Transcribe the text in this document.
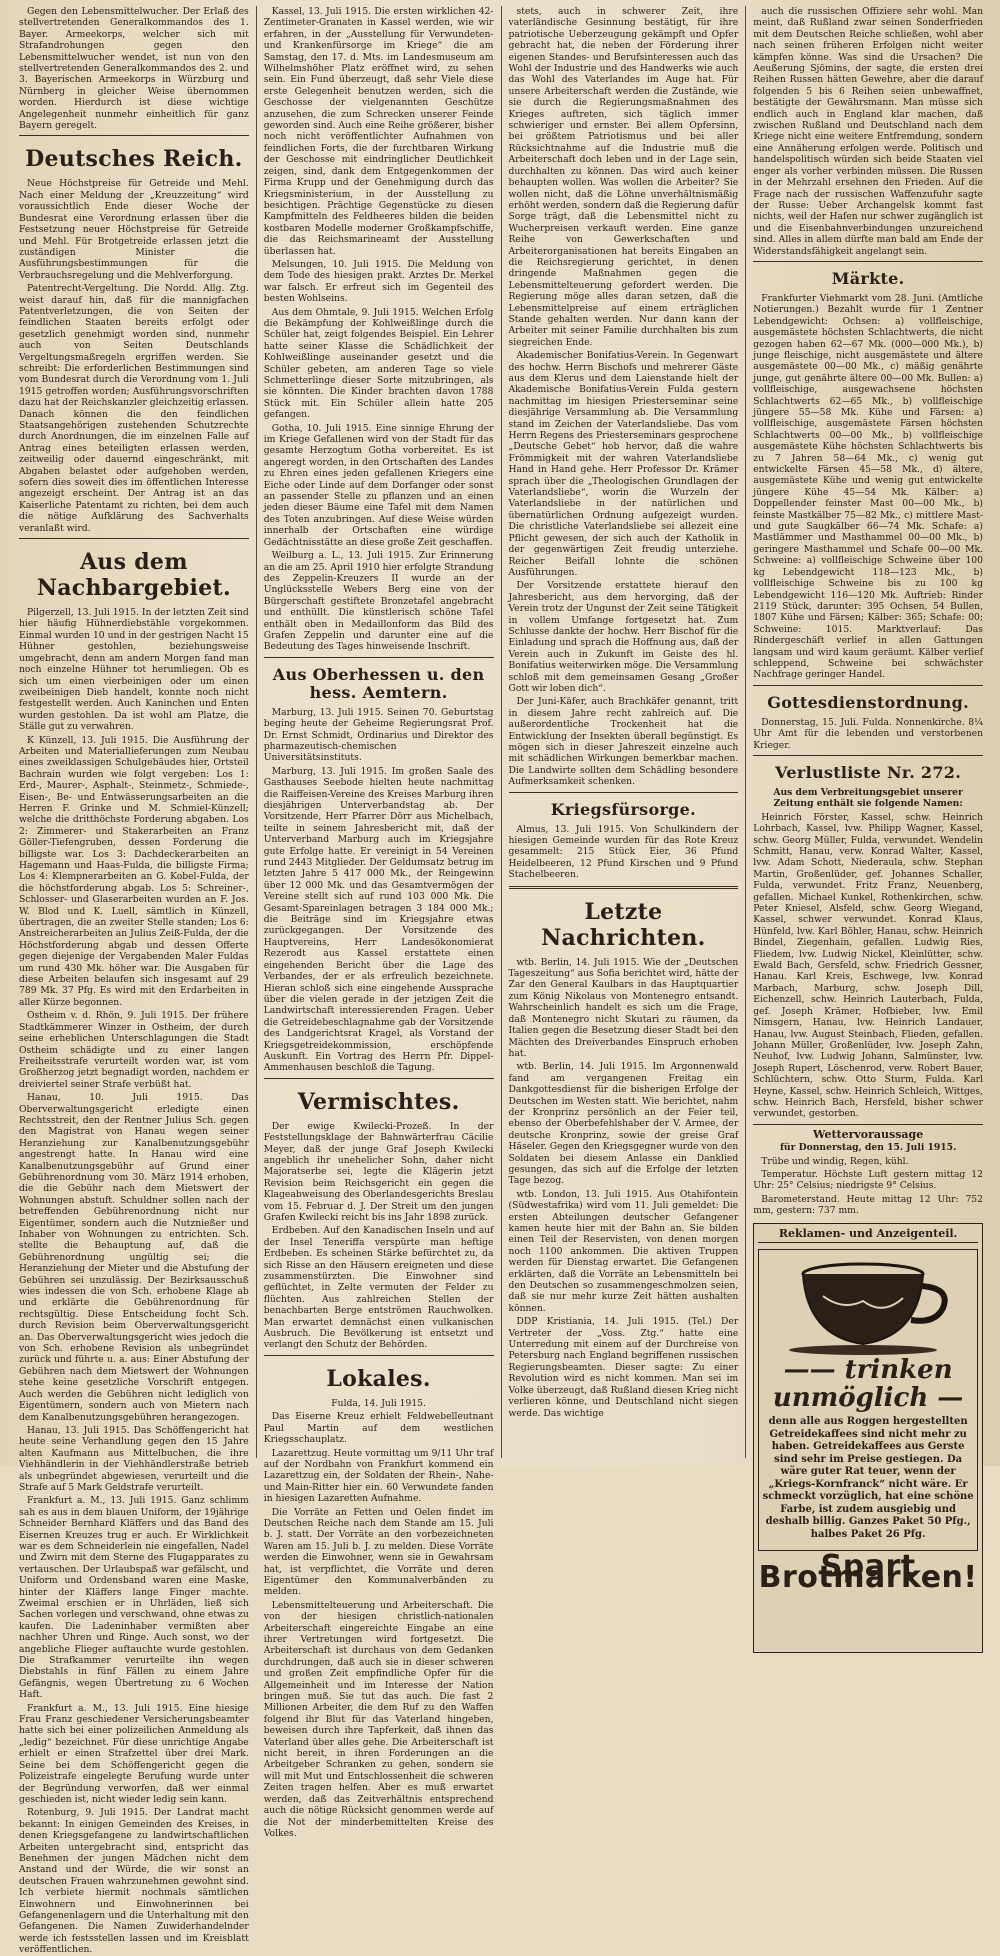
Gegen den Lebensmittelwucher. Der Erlaß des stellvertretenden Generalkommandos des 1. Bayer. Armeekorps, welcher sich mit Strafandrohungen gegen den Lebensmittelwucher wendet, ist nun von den stellvertretenden Generalkommandos des 2. und 3. Bayerischen Armeekorps in Würzburg und Nürnberg in gleicher Weise übernommen worden. Hierdurch ist diese wichtige Angelegenheit nunmehr einheitlich für ganz Bayern geregelt.

Deutsches Reich.

Neue Höchstpreise für Getreide und Mehl. Nach einer Meldung der „Kreuzzeitung“ wird voraussichtlich Ende dieser Woche der Bundesrat eine Verordnung erlassen über die Festsetzung neuer Höchstpreise für Getreide und Mehl. Für Brotgetreide erlassen jetzt die zuständigen Minister die Ausführungsbestimmungen für die Verbrauchsregelung und die Mehlverforgung.

Patentrecht-Vergeltung. Die Nordd. Allg. Ztg. weist darauf hin, daß für die mannigfachen Patentverletzungen, die von Seiten der feindlichen Staaten bereits erfolgt oder gesetzlich genehmigt worden sind, nunmehr auch von Seiten Deutschlands Vergeltungsmaßregeln ergriffen werden. Sie schreibt: Die erforderlichen Bestimmungen sind vom Bundesrat durch die Verordnung vom 1. Juli 1915 getroffen worden; Ausführungsvorschriften dazu hat der Reichskanzler gleichzeitig erlassen. Danach können die den feindlichen Staatsangehörigen zustehenden Schutzrechte durch Anordnungen, die im einzelnen Falle auf Antrag eines beteiligten erlassen werden, zeitweilig oder dauernd eingeschränkt, mit Abgaben belastet oder aufgehoben werden, sofern dies soweit dies im öffentlichen Interesse angezeigt erscheint. Der Antrag ist an das Kaiserliche Patentamt zu richten, bei dem auch die nötige Aufklärung des Sachverhalts veranlaßt wird.

Aus dem Nachbargebiet.

Pilgerzell, 13. Juli 1915. In der letzten Zeit sind hier häufig Hühnerdiebstähle vorgekommen. Einmal wurden 10 und in der gestrigen Nacht 15 Hühner gestohlen, beziehungsweise umgebracht, denn am andern Morgen fand man noch einzelne Hühner tot herumliegen. Ob es sich um einen vierbeinigen oder um einen zweibeinigen Dieb handelt, konnte noch nicht festgestellt werden. Auch Kaninchen und Enten wurden gestohlen. Da ist wohl am Platze, die Ställe gut zu verwahren.

K Künzell, 13. Juli 1915. Die Ausführung der Arbeiten und Materiallieferungen zum Neubau eines zweiklassigen Schulgebäudes hier, Ortsteil Bachrain wurden wie folgt vergeben: Los 1: Erd-, Maurer-, Asphalt-, Steinmetz-, Schmiede-, Eisen-, Be- und Entwässerungsarbeiten an die Herren F. Grinke und M. Schmiel-Künzell; welche die dritthöchste Forderung abgaben. Los 2: Zimmerer- und Stakerarbeiten an Franz Göller-Tiefengruben, dessen Forderung die billigste war. Los 3: Dachdeckerarbeiten an Hagemann und Haas-Fulda, die billigste Firma; Los 4: Klempnerarbeiten an G. Kobel-Fulda, der die höchstforderung abgab. Los 5: Schreiner-, Schlosser- und Glaserarbeiten wurden an F. Jos. W. Blod und K. Luell, sämtlich in Künzell, übertragen, die an zweiter Stelle standen; Los 6: Anstreicherarbeiten an Julius Zeiß-Fulda, der die Höchstforderung abgab und dessen Offerte gegen diejenige der Vergabenden Maler Fuldas um rund 430 Mk. höher war. Die Ausgaben für diese Arbeiten belaufen sich insgesamt auf 29 789 Mk. 37 Pfg. Es wird mit den Erdarbeiten in aller Kürze begonnen.

Ostheim v. d. Rhön, 9. Juli 1915. Der frühere Stadtkämmerer Winzer in Ostheim, der durch seine erheblichen Unterschlagungen die Stadt Ostheim schädigte und zu einer langen Freiheitsstrafe verurteilt worden war, ist vom Großherzog jetzt begnadigt worden, nachdem er dreiviertel seiner Strafe verbüßt hat.

Hanau, 10. Juli 1915. Das Oberverwaltungsgericht erledigte einen Rechtsstreit, den der Rentner Julius Sch. gegen den Magistrat von Hanau wegen seiner Heranziehung zur Kanalbenutzungsgebühr angestrengt hatte. In Hanau wird eine Kanalbenutzungsgebühr auf Grund einer Gebührenordnung vom 30. März 1914 erhoben, die die Gebühr nach dem Mietswert der Wohnungen abstuft. Schuldner sollen nach der betreffenden Gebührenordnung nicht nur Eigentümer, sondern auch die Nutznießer und Inhaber von Wohnungen zu entrichten. Sch. stellte die Behauptung auf, daß die Gebührenordnung ungültig sei; die Heranziehung der Mieter und die Abstufung der Gebühren sei unzulässig. Der Bezirksausschuß wies indessen die von Sch. erhobene Klage ab und erklärte die Gebührenordnung für rechtsgültig. Diese Entscheidung focht Sch. durch Revision beim Oberverwaltungsgericht an. Das Oberverwaltungsgericht wies jedoch die von Sch. erhobene Revision als unbegründet zurück und führte u. a. aus: Einer Abstufung der Gebühren nach dem Mietswert der Wohnungen stehe keine gesetzliche Vorschrift entgegen. Auch werden die Gebühren nicht lediglich von Eigentümern, sondern auch von Mietern nach dem Kanalbenutzungsgebühren herangezogen.

Hanau, 13. Juli 1915. Das Schöffengericht hat heute seine Verhandlung gegen den 15 Jahre alten Kaufmann aus Mittelbuchen, die ihre Viehhändlerin in der Viehhändlerstraße betrieb als unbegründet abgewiesen, verurteilt und die Strafe auf 5 Mark Geldstrafe verurteilt.

Frankfurt a. M., 13. Juli 1915. Ganz schlimm sah es aus in dem blauen Uniform, der 19jährige Schneider Bernhard Kläffers und das Band des Eisernen Kreuzes trug er auch. Er Wirklichkeit war es dem Schneiderlein nie eingefallen, Nadel und Zwirn mit dem Sterne des Flugapparates zu vertauschen. Der Urlaubspaß war gefälscht, und Uniform und Ordensband waren eine Maske, hinter der Kläffers lange Finger machte. Zweimal erschien er in Uhrläden, ließ sich Sachen vorlegen und verschwand, ohne etwas zu kaufen. Die Ladeninhaber vermißten aber nachher Uhren und Ringe. Auch sonst, wo der angebliche Flieger auftauchte wurde gestohlen. Die Strafkammer verurteilte ihn wegen Diebstahls in fünf Fällen zu einem Jahre Gefängnis, wegen Übertretung zu 6 Wochen Haft.

Frankfurt a. M., 13. Juli 1915. Eine hiesige Frau Franz geschiedener Versicherungsbeamter hatte sich bei einer polizeilichen Anmeldung als „ledig“ bezeichnet. Für diese unrichtige Angabe erhielt er einen Strafzettel über drei Mark. Seine bei dem Schöffengericht gegen die Polizeistrafe eingelegte Berufung wurde unter der Begründung verworfen, daß wer einmal geschieden ist, nicht wieder ledig sein kann.

Rotenburg, 9. Juli 1915. Der Landrat macht bekannt: In einigen Gemeinden des Kreises, in denen Kriegsgefangene zu landwirtschaftlichen Arbeiten untergebracht sind, entspricht das Benehmen der jungen Mädchen nicht dem Anstand und der Würde, die wir sonst an deutschen Frauen wahrzunehmen gewohnt sind. Ich verbiete hiermit nochmals sämtlichen Einwohnern und Einwohnerinnen bei Gefangenenlagern und die Unterhaltung mit den Gefangenen. Die Namen Zuwiderhandelnder werde ich festsstellen lassen und im Kreisblatt veröffentlichen.

Kassel, 13. Juli 1915. Die ersten wirklichen 42-Zentimeter-Granaten in Kassel werden, wie wir erfahren, in der „Ausstellung für Verwundeten- und Krankenfürsorge im Kriege“ die am Samstag, den 17. d. Mts. im Landesmuseum am Wilhelmshöher Platz eröffnet wird, zu sehen sein. Ein Fund überzeugt, daß sehr Viele diese erste Gelegenheit benutzen werden, sich die Geschosse der vielgenannten Geschütze anzusehen, die zum Schrecken unserer Feinde geworden sind. Auch eine Reihe größerer, bisher noch nicht veröffentlichter Aufnahmen von feindlichen Forts, die der furchtbaren Wirkung der Geschosse mit eindringlicher Deutlichkeit zeigen, sind, dank dem Entgegenkommen der Firma Krupp und der Genehmigung durch das Kriegsministerium, in der Ausstellung zu besichtigen. Prächtige Gegenstücke zu diesen Kampfmitteln des Feldheeres bilden die beiden kostbaren Modelle moderner Großkampfschiffe, die das Reichsmarineamt der Ausstellung überlassen hat.

Melsungen, 10. Juli 1915. Die Meldung von dem Tode des hiesigen prakt. Arztes Dr. Merkel war falsch. Er erfreut sich im Gegenteil des besten Wohlseins.

Aus dem Ohmtale, 9. Juli 1915. Welchen Erfolg die Bekämpfung der Kohlweißlinge durch die Schüler hat, zeigt folgendes Beispiel. Ein Lehrer hatte seiner Klasse die Schädlichkeit der Kohlweißlinge auseinander gesetzt und die Schüler gebeten, am anderen Tage so viele Schmetterlinge dieser Sorte mitzubringen, als sie könnten. Die Kinder brachten davon 1788 Stück mit. Ein Schüler allein hatte 205 gefangen.

Gotha, 10. Juli 1915. Eine sinnige Ehrung der im Kriege Gefallenen wird von der Stadt für das gesamte Herzogtum Gotha vorbereitet. Es ist angeregt worden, in den Ortschaften des Landes zu Ehren eines jeden gefallenen Kriegers eine Eiche oder Linde auf dem Dorfanger oder sonst an passender Stelle zu pflanzen und an einen jeden dieser Bäume eine Tafel mit dem Namen des Toten anzubringen. Auf diese Weise würden innerhalb der Ortschaften eine würdige Gedächtnisstätte an diese große Zeit geschaffen.

Weilburg a. L., 13. Juli 1915. Zur Erinnerung an die am 25. April 1910 hier erfolgte Strandung des Zeppelin-Kreuzers II wurde an der Unglücksstelle Webers Berg eine von der Bürgerschaft gestiftete Bronzetafel angebracht und enthüllt. Die künstlerisch schöne Tafel enthält oben in Medaillonform das Bild des Grafen Zeppelin und darunter eine auf die Bedeutung des Tages hinweisende Inschrift.

Aus Oberhessen u. den hess. Aemtern.

Marburg, 13. Juli 1915. Seinen 70. Geburtstag beging heute der Geheime Regierungsrat Prof. Dr. Ernst Schmidt, Ordinarius und Direktor des pharmazeutisch-chemischen Universitätsinstituts.

Marburg, 13. Juli 1915. Im großen Saale des Gasthauses Seebode hielten heute nachmittag die Raiffeisen-Vereine des Kreises Marburg ihren diesjährigen Unterverbandstag ab. Der Vorsitzende, Herr Pfarrer Dörr aus Michelbach, teilte in seinem Jahresbericht mit, daß der Unterverband Marburg auch im Kriegsjahre gute Erfolge hatte. Er vereinigt in 54 Vereinen rund 2443 Mitglieder. Der Geldumsatz betrug im letzten Jahre 5 417 000 Mk., der Reingewinn über 12 000 Mk. und das Gesamtvermögen der Vereine stellt sich auf rund 103 000 Mk. Die Gesamt-Spareinlagen betragen 3 184 000 Mk.; die Beiträge sind im Kriegsjahre etwas zurückgegangen. Der Vorsitzende des Hauptvereins, Herr Landesökonomierat Rezerodt aus Kassel erstattete einen eingehenden Bericht über die Lage des Verbandes, der er als erfreulich bezeichnete. Hieran schloß sich eine eingehende Aussprache über die vielen gerade in der jetzigen Zeit die Landwirtschaft interessierenden Fragen. Ueber die Getreidebeschlagnahme gab der Vorsitzende des Landgerichtsrat Kragel, als Vorstand der Kriegsgetreidekommission, erschöpfende Auskunft. Ein Vortrag des Herrn Pfr. Dippel-Ammenhausen beschloß die Tagung.

Vermischtes.

Der ewige Kwilecki-Prozeß. In der Feststellungsklage der Bahnwärterfrau Cäcilie Meyer, daß der junge Graf Joseph Kwilecki angeblich ihr unehelicher Sohn, daher nicht Majoratserbe sei, legte die Klägerin jetzt Revision beim Reichsgericht ein gegen die Klageabweisung des Oberlandesgerichts Breslau vom 15. Februar d. J. Der Streit um den jungen Grafen Kwilecki reicht bis ins Jahr 1898 zurück.

Erdbeben. Auf den Kanadischen Inseln und auf der Insel Teneriffa verspürte man heftige Erdbeben. Es scheinen Stärke befürchtet zu, da sich Risse an den Häusern ereigneten und diese zusammenstürzten. Die Einwohner sind geflüchtet, in Zelte vermuten der Felder zu flüchten. Aus zahlreichen Stellen der benachbarten Berge entströmen Rauchwolken. Man erwartet demnächst einen vulkanischen Ausbruch. Die Bevölkerung ist entsetzt und verlangt den Schutz der Behörden.

Lokales.

Fulda, 14. Juli 1915.

Das Eiserne Kreuz erhielt Feldwebelleutnant Paul Martin auf dem westlichen Kriegsschauplatz.

Lazarettzug. Heute vormittag um 9/11 Uhr traf auf der Nordbahn von Frankfurt kommend ein Lazarettzug ein, der Soldaten der Rhein-, Nahe- und Main-Ritter hier ein. 60 Verwundete fanden in hiesigen Lazaretten Aufnahme.

Die Vorräte an Fetten und Oelen findet im Deutschen Reiche nach dem Stande am 15. Juli b. J. statt. Der Vorräte an den vorbezeichneten Waren am 15. Juli b. J. zu melden. Diese Vorräte werden die Einwohner, wenn sie in Gewahrsam hat, ist verpflichtet, die Vorräte und deren Eigentümer den Kommunalverbänden zu melden.

Lebensmittelteuerung und Arbeiterschaft. Die von der hiesigen christlich-nationalen Arbeiterschaft eingereichte Eingabe an eine ihrer Vertretungen wird fortgesetzt. Die Arbeiterschaft ist durchaus von dem Gedanken durchdrungen, daß auch sie in dieser schweren und großen Zeit empfindliche Opfer für die Allgemeinheit und im Interesse der Nation bringen muß. Sie tut das auch. Die fast 2 Millionen Arbeiter, die dem Ruf zu den Waffen folgend ihr Blut für das Vaterland hingeben, beweisen durch ihre Tapferkeit, daß ihnen das Vaterland über alles gehe. Die Arbeiterschaft ist nicht bereit, in ihren Forderungen an die Arbeitgeber Schranken zu gehen, sondern sie will mit Mut und Entschlossenheit die schweren Zeiten tragen helfen. Aber es muß erwartet werden, daß das Zeitverhältnis entsprechend auch die nötige Rücksicht genommen werde auf die Not der minderbemittelten Kreise des Volkes.

stets, auch in schwerer Zeit, ihre vaterländische Gesinnung bestätigt, für ihre patriotische Ueberzeugung gekämpft und Opfer gebracht hat, die neben der Förderung ihrer eigenen Standes- und Berufsinteressen auch das Wohl der Industrie und des Handwerks wie auch das Wohl des Vaterlandes im Auge hat. Für unsere Arbeiterschaft werden die Zustände, wie sie durch die Regierungsmaßnahmen des Krieges auftreten, sich täglich immer schwieriger und ernster. Bei allem Opfersinn, bei größtem Patriotismus und bei aller Rücksichtnahme auf die Industrie muß die Arbeiterschaft doch leben und in der Lage sein, durchhalten zu können. Das wird auch keiner behaupten wollen. Was wollen die Arbeiter? Sie wollen nicht, daß die Löhne unverhältnismäßig erhöht werden, sondern daß die Regierung dafür Sorge trägt, daß die Lebensmittel nicht zu Wucherpreisen verkauft werden. Eine ganze Reihe von Gewerkschaften und Arbeiterorganisationen hat bereits Eingaben an die Reichsregierung gerichtet, in denen dringende Maßnahmen gegen die Lebensmittelteuerung gefordert werden. Die Regierung möge alles daran setzen, daß die Lebensmittelpreise auf einem erträglichen Stande gehalten werden. Nur dann kann der Arbeiter mit seiner Familie durchhalten bis zum siegreichen Ende.

Akademischer Bonifatius-Verein. In Gegenwart des hochw. Herrn Bischofs und mehrerer Gäste aus dem Klerus und dem Laienstande hielt der Akademische Bonifatius-Verein Fulda gestern nachmittag im hiesigen Priesterseminar seine diesjährige Versammlung ab. Die Versammlung stand im Zeichen der Vaterlandsliebe. Das vom Herrn Regens des Priesterseminars gesprochene „Deutsche Gebet“ hob hervor, daß die wahre Frömmigkeit mit der wahren Vaterlandsliebe Hand in Hand gehe. Herr Professor Dr. Krämer sprach über die „Theologischen Grundlagen der Vaterlandsliebe“, worin die Wurzeln der Vaterlandsliebe in der natürlichen und übernatürlichen Ordnung aufgezeigt wurden. Die christliche Vaterlandsliebe sei allezeit eine Pflicht gewesen, der sich auch der Katholik in der gegenwärtigen Zeit freudig unterziehe. Reicher Beifall lohnte die schönen Ausführungen.

Der Vorsitzende erstattete hierauf den Jahresbericht, aus dem hervorging, daß der Verein trotz der Ungunst der Zeit seine Tätigkeit in vollem Umfange fortgesetzt hat. Zum Schlusse dankte der hochw. Herr Bischof für die Einladung und sprach die Hoffnung aus, daß der Verein auch in Zukunft im Geiste des hl. Bonifatius weiterwirken möge. Die Versammlung schloß mit dem gemeinsamen Gesang „Großer Gott wir loben dich“.

Der Juni-Käfer, auch Brachkäfer genannt, tritt in diesem Jahre recht zahlreich auf. Die außerordentliche Trockenheit hat die Entwicklung der Insekten überall begünstigt. Es mögen sich in dieser Jahreszeit einzelne auch mit schädlichen Wirkungen bemerkbar machen. Die Landwirte sollten dem Schädling besondere Aufmerksamkeit schenken.

Kriegsfürsorge.

Almus, 13. Juli 1915. Von Schulkindern der hiesigen Gemeinde wurden für das Rote Kreuz gesammelt: 215 Stück Eier, 36 Pfund Heidelbeeren, 12 Pfund Kirschen und 9 Pfund Stachelbeeren.

Letzte Nachrichten.

wtb. Berlin, 14. Juli 1915. Wie der „Deutschen Tageszeitung“ aus Sofia berichtet wird, hätte der Zar den General Kaulbars in das Hauptquartier zum König Nikolaus von Montenegro entsandt. Wahrscheinlich handelt es sich um die Frage, daß Montenegro nicht Skutari zu räumen, da Italien gegen die Besetzung dieser Stadt bei den Mächten des Dreiverbandes Einspruch erhoben hat.

wtb. Berlin, 14. Juli 1915. Im Argonnenwald fand am vergangenen Freitag ein Dankgottesdienst für die bisherigen Erfolge der Deutschen im Westen statt. Wie berichtet, nahm der Kronprinz persönlich an der Feier teil, ebenso der Oberbefehlshaber der V. Armee, der deutsche Kronprinz, sowie der greise Graf Häseler. Gegen den Kriegsgegner wurde von den Soldaten bei diesem Anlasse ein Danklied gesungen, das sich auf die Erfolge der letzten Tage bezog.

wtb. London, 13. Juli 1915. Aus Otahifontein (Südwestafrika) wird vom 11. Juli gemeldet: Die ersten Abteilungen deutscher Gefangener kamen heute hier mit der Bahn an. Sie bilden einen Teil der Reservisten, von denen morgen noch 1100 ankommen. Die aktiven Truppen werden für Dienstag erwartet. Die Gefangenen erklärten, daß die Vorräte an Lebensmitteln bei den Deutschen so zusammengeschmolzen seien, daß sie nur mehr kurze Zeit hätten aushalten können.

DDP Kristiania, 14. Juli 1915. (Tel.) Der Vertreter der „Voss. Ztg.“ hatte eine Unterredung mit einem auf der Durchreise von Petersburg nach England begriffenen russischen Regierungsbeamten. Dieser sagte: Zu einer Revolution wird es nicht kommen. Man sei im Volke überzeugt, daß Rußland diesen Krieg nicht verlieren könne, und Deutschland nicht siegen werde. Das wichtige

auch die russischen Offiziere sehr wohl. Man meint, daß Rußland zwar seinen Sonderfrieden mit dem Deutschen Reiche schließen, wohl aber nach seinen früheren Erfolgen nicht weiter kämpfen könne. Was sind die Ursachen? Die Aeußerung Sjömins, der sagte, die ersten drei Reihen Russen hätten Gewehre, aber die darauf folgenden 5 bis 6 Reihen seien unbewaffnet, bestätigte der Gewährsmann. Man müsse sich endlich auch in England klar machen, daß zwischen Rußland und Deutschland nach dem Kriege nicht eine weitere Entfremdung, sondern eine Annäherung erfolgen werde. Politisch und handelspolitisch würden sich beide Staaten viel enger als vorher verbinden müssen. Die Russen in der Mehrzahl ersehnen den Frieden. Auf die Frage nach der russischen Waffenzufuhr sagte der Russe: Ueber Archangelsk kommt fast nichts, weil der Hafen nur schwer zugänglich ist und die Eisenbahnverbindungen unzureichend sind. Alles in allem dürfte man bald am Ende der Widerstandsfähigkeit angelangt sein.

Märkte.

Frankfurter Viehmarkt vom 28. Juni. (Amtliche Notierungen.) Bezahlt wurde für 1 Zentner Lebendgewicht: Ochsen: a) vollfleischige, ausgemästete höchsten Schlachtwerts, die nicht gezogen haben 62—67 Mk. (000—000 Mk.), b) junge fleischige, nicht ausgemästete und ältere ausgemästete 00—00 Mk., c) mäßig genährte junge, gut genährte ältere 00—00 Mk. Bullen: a) vollfleischige, ausgewachsene höchsten Schlachtwerts 62—65 Mk., b) vollfleischige jüngere 55—58 Mk. Kühe und Färsen: a) vollfleischige, ausgemästete Färsen höchsten Schlachtwerts 00—00 Mk., b) vollfleischige ausgemästete Kühe höchsten Schlachtwerts bis zu 7 Jahren 58—64 Mk., c) wenig gut entwickelte Färsen 45—58 Mk., d) ältere, ausgemästete Kühe und wenig gut entwickelte jüngere Kühe 45—54 Mk. Kälber: a) Doppellender feinster Mast 00—00 Mk., b) feinste Mastkälber 75—82 Mk., c) mittlere Mast- und gute Saugkälber 66—74 Mk. Schafe: a) Mastlämmer und Masthammel 00—00 Mk., b) geringere Masthammel und Schafe 00—00 Mk. Schweine: a) vollfleischige Schweine über 100 kg Lebendgewicht 118—123 Mk., b) vollfleischige Schweine bis zu 100 kg Lebendgewicht 116—120 Mk. Auftrieb: Rinder 2119 Stück, darunter: 395 Ochsen, 54 Bullen, 1807 Kühe und Färsen; Kälber: 365; Schafe: 00; Schweine: 1015. Marktverlauf: Das Rindergeschäft verlief in allen Gattungen langsam und wird kaum geräumt. Kälber verlief schleppend, Schweine bei schwächster Nachfrage geringer Handel.

Gottesdienstordnung.

Donnerstag, 15. Juli. Fulda. Nonnenkirche. 8¼ Uhr Amt für die lebenden und verstorbenen Krieger.

Verlustliste Nr. 272.

Aus dem Verbreitungsgebiet unserer Zeitung enthält sie folgende Namen:

Heinrich Förster, Kassel, schw. Heinrich Lohrbach, Kassel, lvw. Philipp Wagner, Kassel, schw. Georg Müller, Fulda, verwundet. Wendelin Schmitt, Hanau, verw. Konrad Walter, Kassel, lvw. Adam Schott, Niederaula, schw. Stephan Martin, Großenlüder, gef. Johannes Schaller, Fulda, verwundet. Fritz Franz, Neuenberg, gefallen. Michael Kunkel, Rothenkirchen, schw. Peter Kniesel, Alsfeld, schw. Georg Wiegand, Kassel, schwer verwundet. Konrad Klaus, Hünfeld, lvw. Karl Böhler, Hanau, schw. Heinrich Bindel, Ziegenhain, gefallen. Ludwig Ries, Fliedem, lvw. Ludwig Nickel, Kleinlütter, schw. Ewald Bach, Gersfeld, schw. Friedrich Gessner, Hanau. Karl Kreis, Eschwege, lvw. Konrad Marbach, Marburg, schw. Joseph Dill, Eichenzell, schw. Heinrich Lauterbach, Fulda, gef. Joseph Krämer, Hofbieber, lvw. Emil Nimsgern, Hanau, lvw. Heinrich Landauer, Hanau, lvw. August Steinbach, Flieden, gefallen. Johann Müller, Großenlüder, lvw. Joseph Zahn, Neuhof, lvw. Ludwig Johann, Salmünster, lvw. Joseph Rupert, Löschenrod, verw. Robert Bauer, Schlüchtern, schw. Otto Sturm, Fulda. Karl Heyne, Kassel, schw. Heinrich Schleich, Wittges, schw. Heinrich Bach, Hersfeld, bisher schwer verwundet, gestorben.

Wettervoraussage

für Donnerstag, den 15. Juli 1915.

Trübe und windig, Regen, kühl.

Temperatur. Höchste Luft gestern mittag 12 Uhr: 25° Celsius; niedrigste 9° Celsius.

Barometerstand. Heute mittag 12 Uhr: 752 mm, gestern: 737 mm.

Reklamen- und Anzeigenteil.
—— trinken unmöglich —
denn alle aus Roggen hergestellten Getreidekaffees sind nicht mehr zu haben. Getreidekaffees aus Gerste sind sehr im Preise gestiegen. Da wäre guter Rat teuer, wenn der „Kriegs-Kornfranck“ nicht wäre. Er schmeckt vorzüglich, hat eine schöne Farbe, ist zudem ausgiebig und deshalb billig. Ganzes Paket 50 Pfg., halbes Paket 26 Pfg.
Spart Brotmarken!
